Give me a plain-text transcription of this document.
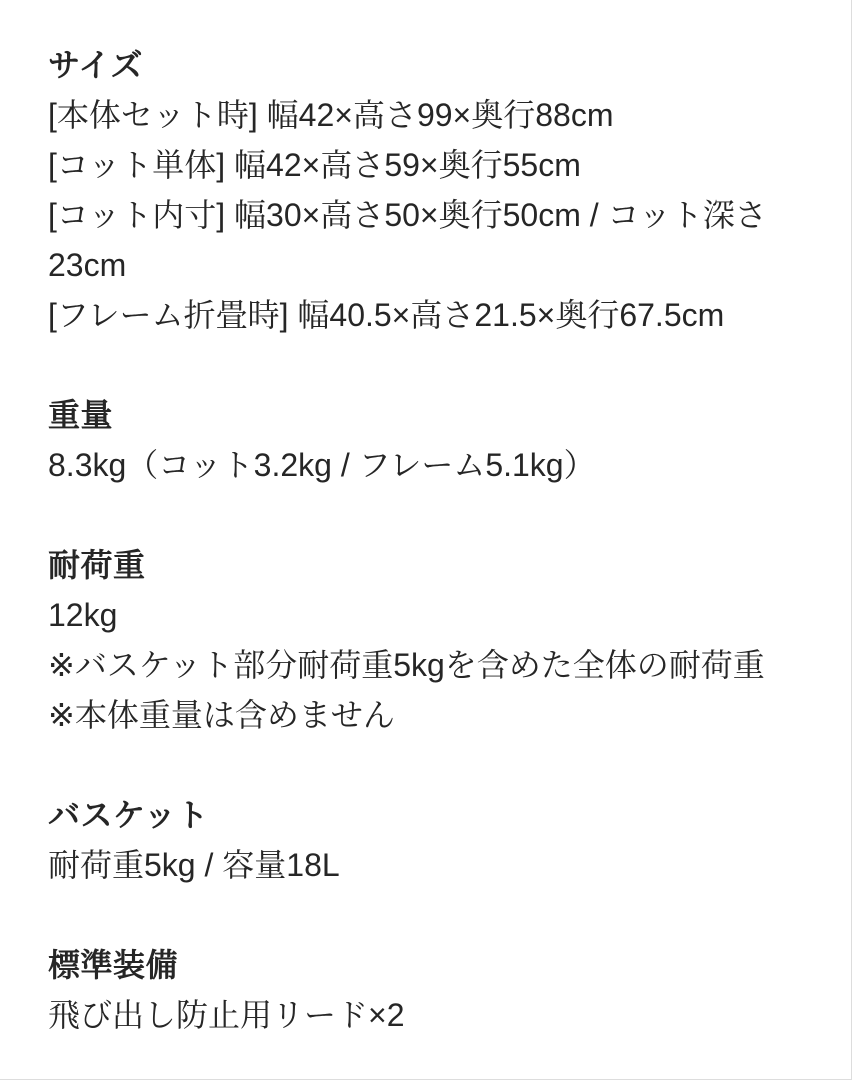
サイズ

[本体セット時] 幅42×高さ99×奥行88cm

[コット単体] 幅42×高さ59×奥行55cm

[コット内寸] 幅30×高さ50×奥行50cm / コット深さ

23cm

[フレーム折畳時] 幅40.5×高さ21.5×奥行67.5cm

重量

8.3kg（コット3.2kg / フレーム5.1kg）

耐荷重

12kg

※バスケット部分耐荷重5kgを含めた全体の耐荷重

※本体重量は含めません

バスケット

耐荷重5kg / 容量18L

標準装備

飛び出し防止用リード×2
